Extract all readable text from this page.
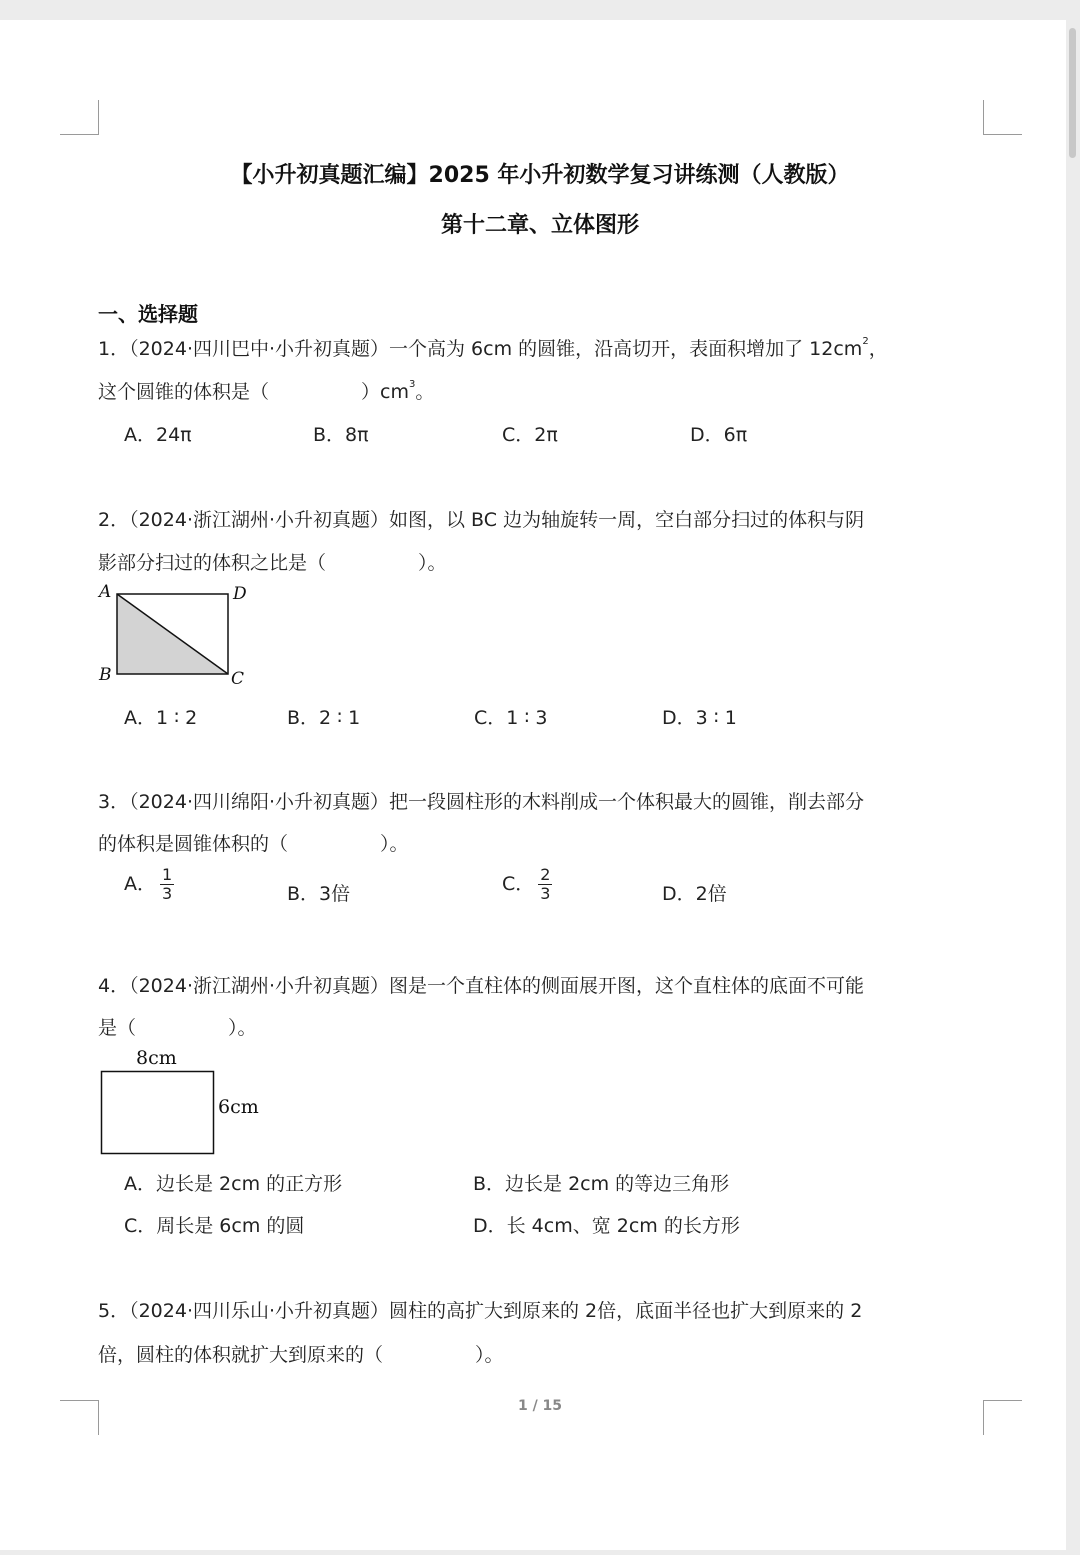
【小升初真题汇编】2025 年小升初数学复习讲练测（人教版）
第十二章、立体图形
一、选择题
1．（2024·四川巴中·小升初真题）一个高为 6cm 的圆锥，沿高切开，表面积增加了 $12cm^2$，
这个圆锥的体积是（	）$cm^3$。
A．24π	B．8π	C．2π	D．6π
2．（2024·浙江湖州·小升初真题）如图，以 BC 边为轴旋转一周，空白部分扫过的体积与阴
影部分扫过的体积之比是（	）。
A	D
B	C
A．1 ∶ 2	B．2 ∶ 1	C．1 ∶ 3	D．3 ∶ 1
3．（2024·四川绵阳·小升初真题）把一段圆柱形的木料削成一个体积最大的圆锥，削去部分
的体积是圆锥体积的（	）。
A． $\frac{1}{3}$	B．3倍	C． $\frac{2}{3}$	D．2倍
4．（2024·浙江湖州·小升初真题）图是一个直柱体的侧面展开图，这个直柱体的底面不可能
是（	）。
8cm
6cm
A．边长是 2cm 的正方形	B．边长是 2cm 的等边三角形
C．周长是 6cm 的圆	D．长 4cm、宽 2cm 的长方形
5．（2024·四川乐山·小升初真题）圆柱的高扩大到原来的 2倍，底面半径也扩大到原来的 2
倍，圆柱的体积就扩大到原来的（	）。
1 / 15
